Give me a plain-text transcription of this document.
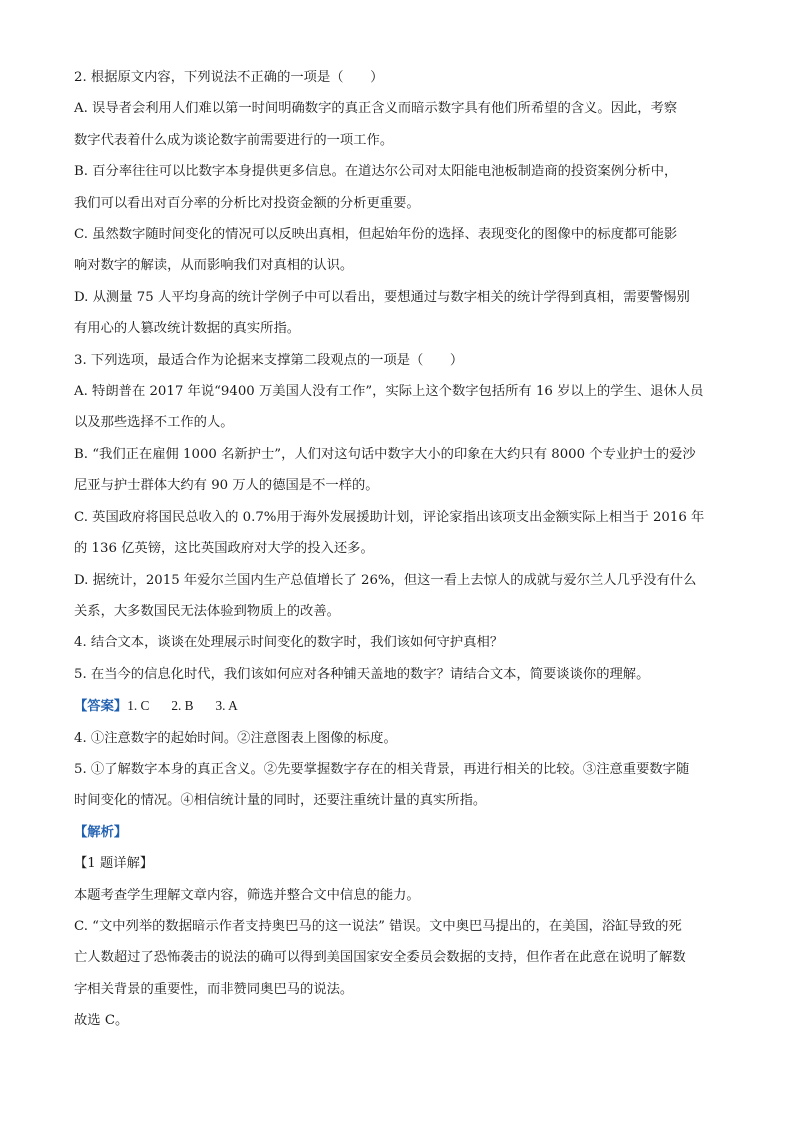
2. 根据原文内容，下列说法不正确的一项是（　　）

A. 误导者会利用人们难以第一时间明确数字的真正含义而暗示数字具有他们所希望的含义。因此，考察

数字代表着什么成为谈论数字前需要进行的一项工作。

B. 百分率往往可以比数字本身提供更多信息。在道达尔公司对太阳能电池板制造商的投资案例分析中，

我们可以看出对百分率的分析比对投资金额的分析更重要。

C. 虽然数字随时间变化的情况可以反映出真相，但起始年份的选择、表现变化的图像中的标度都可能影

响对数字的解读，从而影响我们对真相的认识。

D. 从测量 75 人平均身高的统计学例子中可以看出，要想通过与数字相关的统计学得到真相，需要警惕别

有用心的人篡改统计数据的真实所指。

3. 下列选项，最适合作为论据来支撑第二段观点的一项是（　　）

A. 特朗普在 2017 年说“9400 万美国人没有工作”，实际上这个数字包括所有 16 岁以上的学生、退休人员

以及那些选择不工作的人。

B. “我们正在雇佣 1000 名新护士”，人们对这句话中数字大小的印象在大约只有 8000 个专业护士的爱沙

尼亚与护士群体大约有 90 万人的德国是不一样的。

C. 英国政府将国民总收入的 0.7%用于海外发展援助计划，评论家指出该项支出金额实际上相当于 2016 年

的 136 亿英镑，这比英国政府对大学的投入还多。

D. 据统计，2015 年爱尔兰国内生产总值增长了 26%，但这一看上去惊人的成就与爱尔兰人几乎没有什么

关系，大多数国民无法体验到物质上的改善。

4. 结合文本，谈谈在处理展示时间变化的数字时，我们该如何守护真相？

5. 在当今的信息化时代，我们该如何应对各种铺天盖地的数字？请结合文本，简要谈谈你的理解。

【答案】1. C 2. B 3. A

4. ①注意数字的起始时间。②注意图表上图像的标度。

5. ①了解数字本身的真正含义。②先要掌握数字存在的相关背景，再进行相关的比较。③注意重要数字随

时间变化的情况。④相信统计量的同时，还要注重统计量的真实所指。

【解析】

【1 题详解】

本题考查学生理解文章内容，筛选并整合文中信息的能力。

C. “文中列举的数据暗示作者支持奥巴马的这一说法” 错误。文中奥巴马提出的，在美国，浴缸导致的死

亡人数超过了恐怖袭击的说法的确可以得到美国国家安全委员会数据的支持，但作者在此意在说明了解数

字相关背景的重要性，而非赞同奥巴马的说法。

故选 C。
